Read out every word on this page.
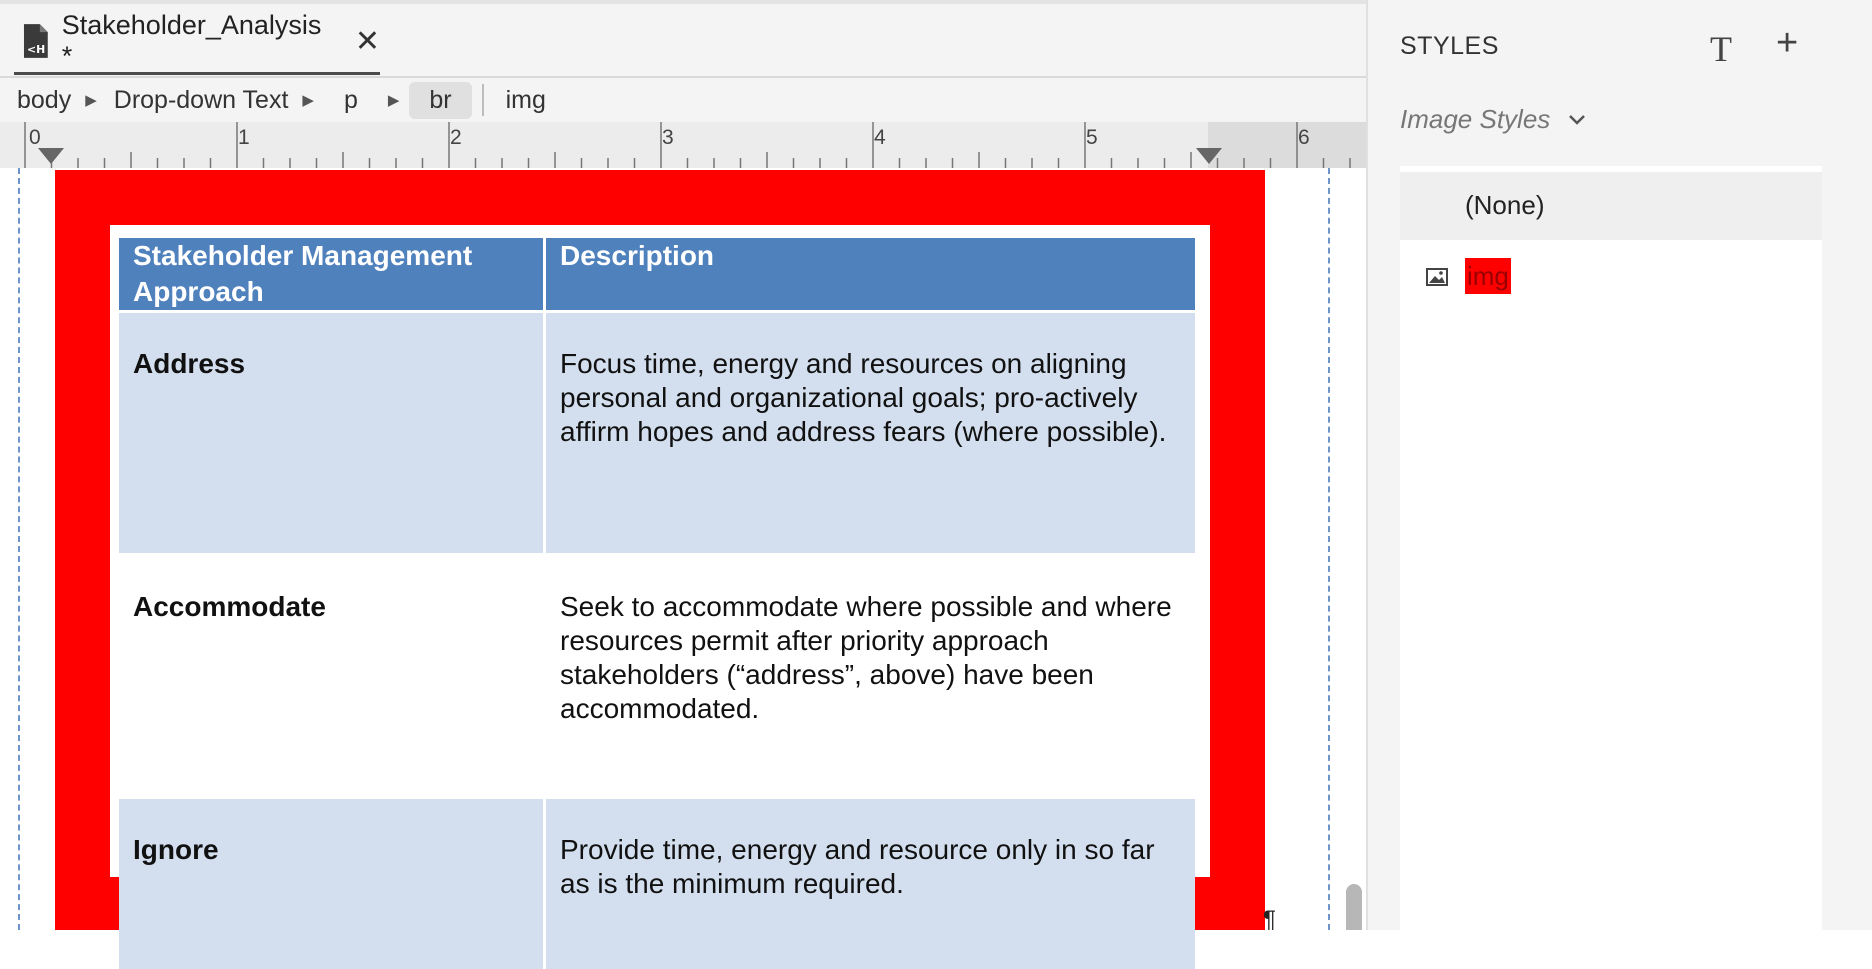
<H
Stakeholder_Analysis *	✕
body ▶ Drop-down Text ▶	p ▶	br	img
0	1	2	3	4	5	6
¶
Stakeholder Management Approach	Description
Address	Focus time, energy and resources on aligning personal and organizational goals; pro-actively affirm hopes and address fears (where possible).
Accommodate	Seek to accommodate where possible and where resources permit after priority approach stakeholders (“address”, above) have been accommodated.
Ignore	Provide time, energy and resource only in so far as is the minimum required.
STYLES	T +
Image Styles
(None)
img
